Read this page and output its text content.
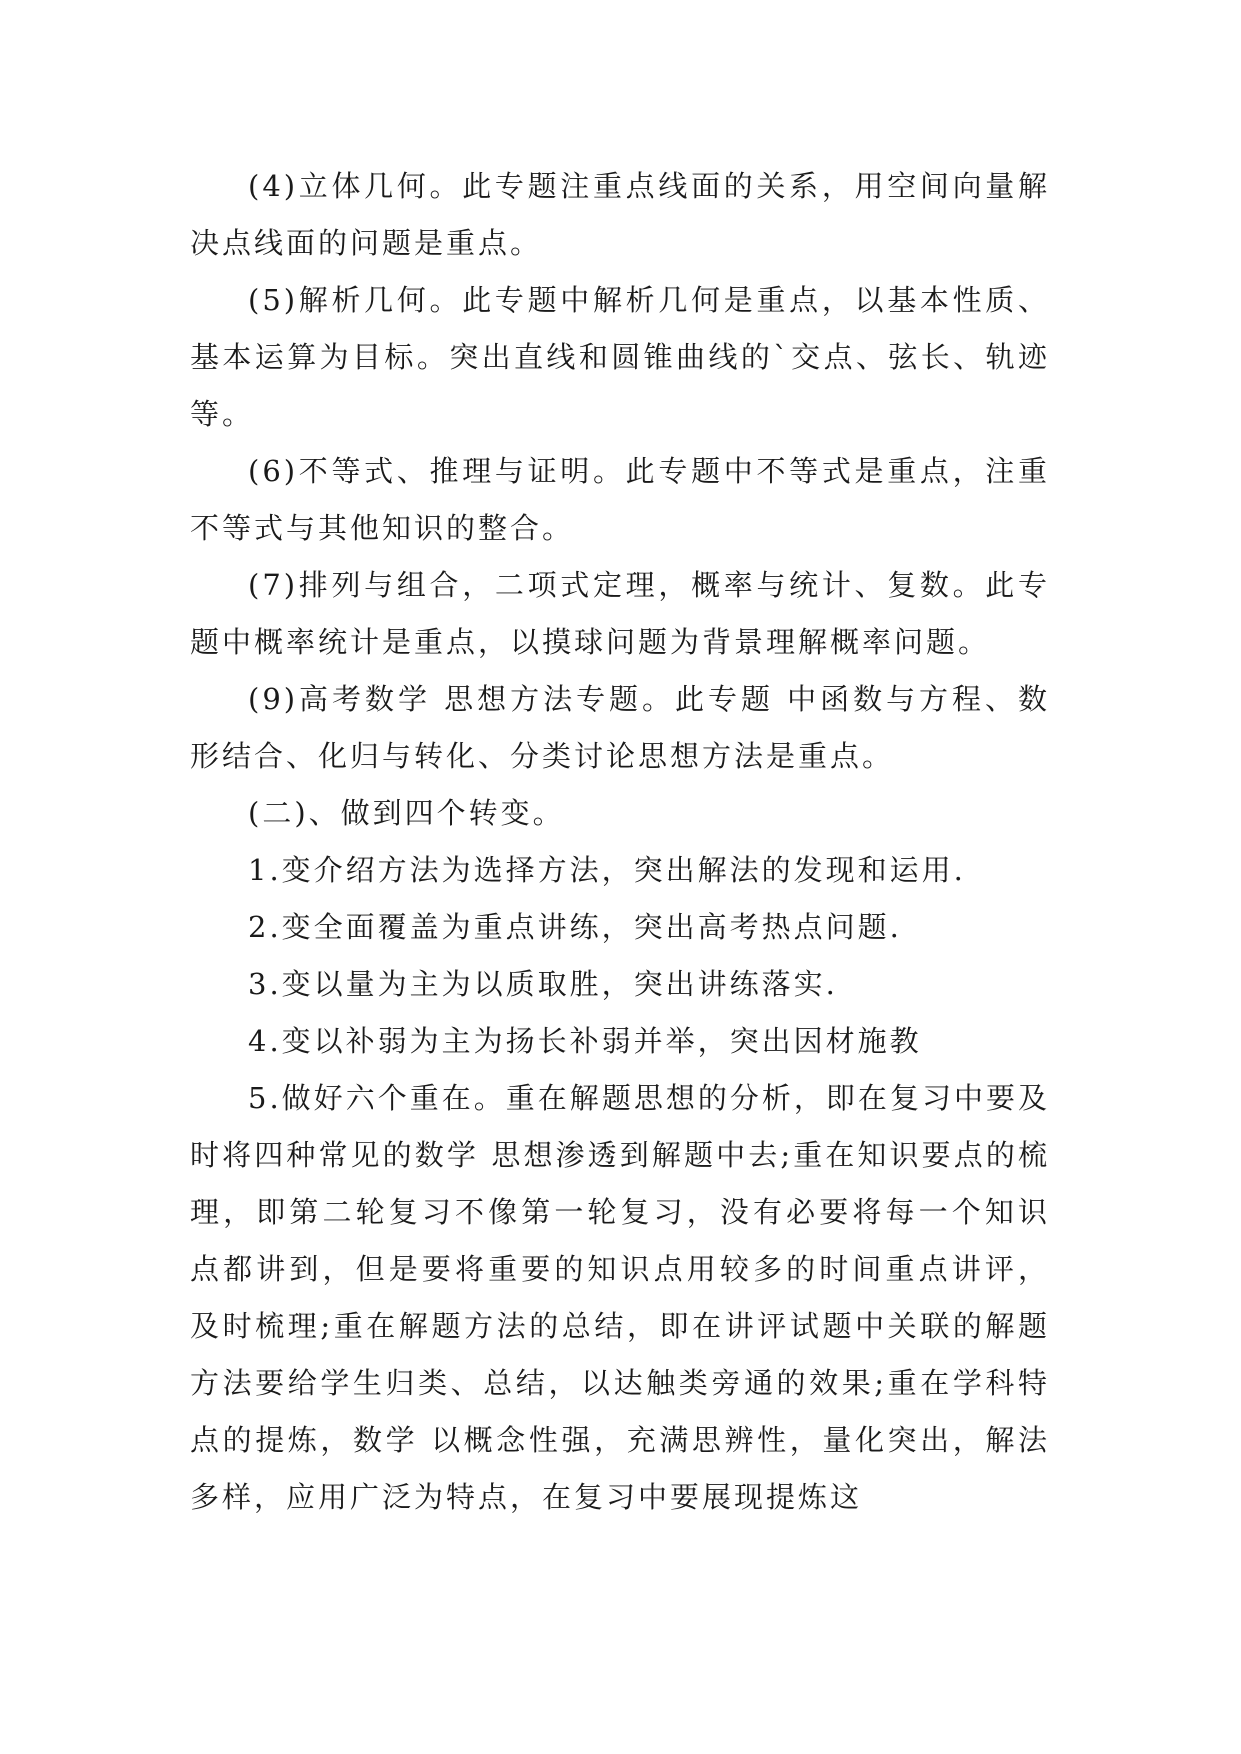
(4)立体几何。此专题注重点线面的关系，用空间向量解决点线面的问题是重点。

(5)解析几何。此专题中解析几何是重点，以基本性质、基本运算为目标。突出直线和圆锥曲线的`交点、弦长、轨迹等。

(6)不等式、推理与证明。此专题中不等式是重点，注重不等式与其他知识的整合。

(7)排列与组合，二项式定理，概率与统计、复数。此专题中概率统计是重点，以摸球问题为背景理解概率问题。

(9)高考数学 思想方法专题。此专题 中函数与方程、数形结合、化归与转化、分类讨论思想方法是重点。

(二)、做到四个转变。

1.变介绍方法为选择方法，突出解法的发现和运用.

2.变全面覆盖为重点讲练，突出高考热点问题.

3.变以量为主为以质取胜，突出讲练落实.

4.变以补弱为主为扬长补弱并举，突出因材施教

5.做好六个重在。重在解题思想的分析，即在复习中要及时将四种常见的数学 思想渗透到解题中去;重在知识要点的梳理，即第二轮复习不像第一轮复习，没有必要将每一个知识点都讲到，但是要将重要的知识点用较多的时间重点讲评，及时梳理;重在解题方法的总结，即在讲评试题中关联的解题方法要给学生归类、总结，以达触类旁通的效果;重在学科特点的提炼，数学 以概念性强，充满思辨性，量化突出，解法多样，应用广泛为特点，在复习中要展现提炼这
